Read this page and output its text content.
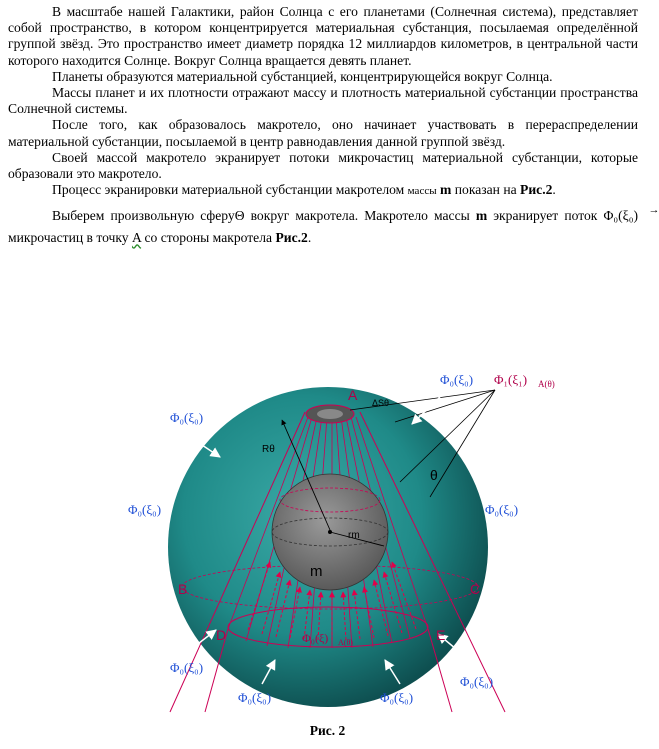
В масштабе нашей Галактики, район Солнца с его планетами (Солнечная система), представляет собой пространство, в котором концентрируется материальная субстанция, посылаемая определённой группой звёзд. Это пространство имеет диаметр порядка 12 миллиардов километров, в центральной части которого находится Солнце. Вокруг Солнца вращается девять планет.

Планеты образуются материальной субстанцией, концентрирующейся вокруг Солнца.

Массы планет и их плотности отражают массу и плотность материальной субстанции пространства Солнечной системы.

После того, как образовалось макротело, оно начинает участвовать в перераспределении материальной субстанции, посылаемой в центр равнодавления данной группой звёзд.

Своей массой макротело экранирует потоки микрочастиц материальной субстанции, которые образовали это макротело.

Процесс экранировки материальной субстанции макротелом массы m показан на Рис.2.

Выберем произвольную сферуΘ вокруг макротела. Макротело массы m экранирует поток	→
Φ₀(ξ₀) микрочастиц в точку A со стороны макротела Рис.2.

Φ₀(ξ₀)
Φ₀(ξ₀)
Φ₀(ξ₀)	Φ₀(ξ₀)
Φ₀(ξ₀)
Φ₀(ξ₀)
Φ₀(ξ₀)	Φ₀(ξ₀)
Φ₁(ξ₁) A(θ)
Φ₀(ξ) A(θ)
A
B	C
D	E
ΔSθ
Rθ
θ
rm
m
Рис. 2
